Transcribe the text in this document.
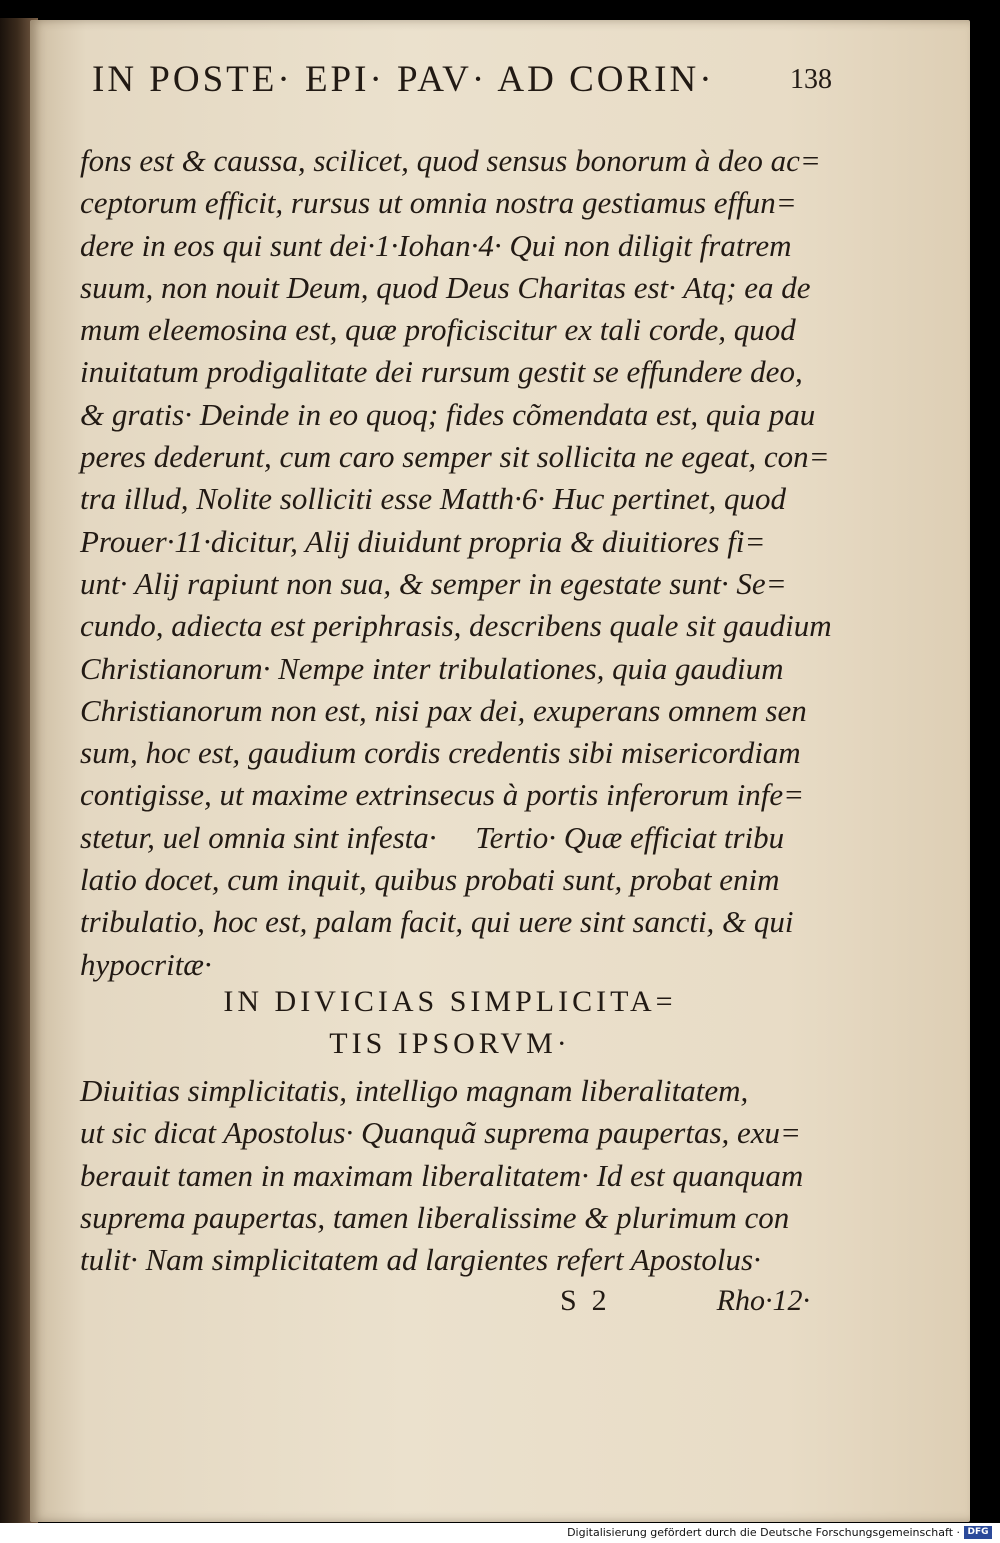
IN POSTE· EPI· PAV· AD CORIN·	138
fons est & caussa, scilicet, quod sensus bonorum à deo ac=
ceptorum efficit, rursus ut omnia nostra gestiamus effun=
dere in eos qui sunt dei·1·Iohan·4· Qui non diligit fratrem
suum, non nouit Deum, quod Deus Charitas est· Atq; ea de
mum eleemosina est, quæ proficiscitur ex tali corde, quod
inuitatum prodigalitate dei rursum gestit se effundere deo,
& gratis· Deinde in eo quoq; fides cõmendata est, quia pau
peres dederunt, cum caro semper sit sollicita ne egeat, con=
tra illud, Nolite solliciti esse Matth·6· Huc pertinet, quod
Prouer·11·dicitur, Alij diuidunt propria & diuitiores fi=
unt· Alij rapiunt non sua, & semper in egestate sunt· Se=
cundo, adiecta est periphrasis, describens quale sit gaudium
Christianorum· Nempe inter tribulationes, quia gaudium
Christianorum non est, nisi pax dei, exuperans omnem sen
sum, hoc est, gaudium cordis credentis sibi misericordiam
contigisse, ut maxime extrinsecus à portis inferorum infe=
stetur, uel omnia sint infesta·     Tertio· Quæ efficiat tribu
latio docet, cum inquit, quibus probati sunt, probat enim
tribulatio, hoc est, palam facit, qui uere sint sancti, & qui
hypocritæ·
IN DIVICIAS SIMPLICITA=
TIS IPSORVM·
Diuitias simplicitatis, intelligo magnam liberalitatem,
ut sic dicat Apostolus· Quanquã suprema paupertas, exu=
berauit tamen in maximam liberalitatem· Id est quanquam
suprema paupertas, tamen liberalissime & plurimum con
tulit· Nam simplicitatem ad largientes refert Apostolus·
S  2	Rho·12·
Digitalisierung gefördert durch die Deutsche Forschungsgemeinschaft · DFG
